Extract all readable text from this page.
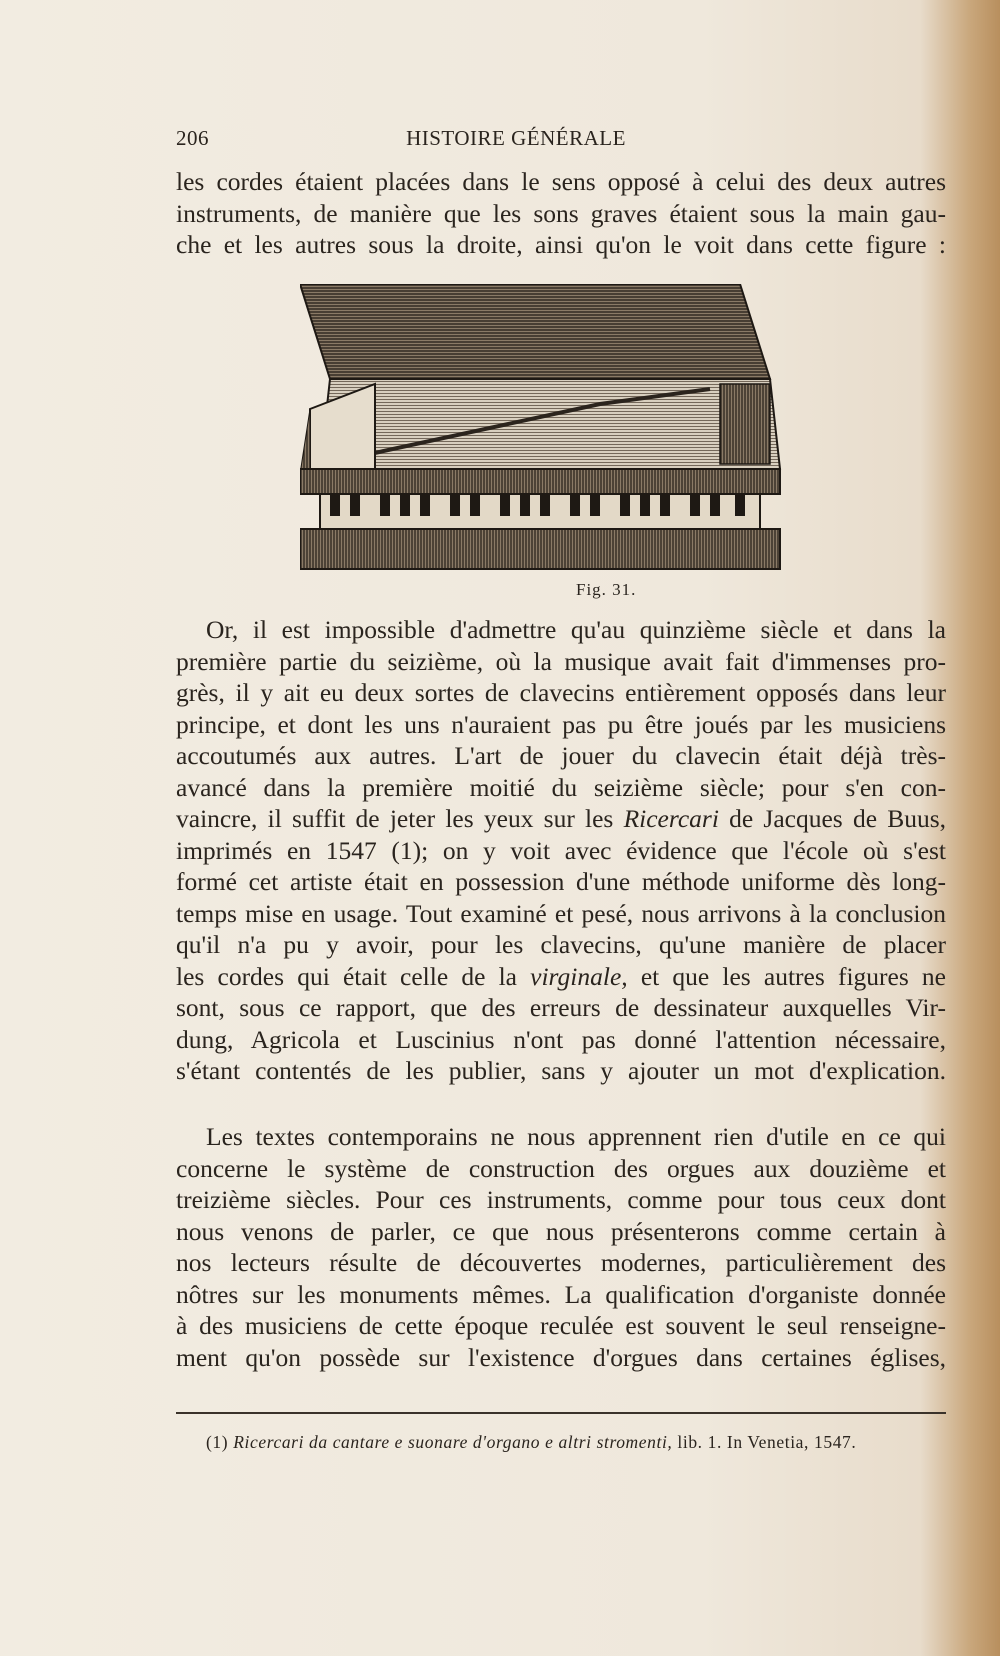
206	HISTOIRE GÉNÉRALE
les cordes étaient placées dans le sens opposé à celui des deux autres
instruments, de manière que les sons graves étaient sous la main gau-
che et les autres sous la droite, ainsi qu'on le voit dans cette figure :
Fig. 31.
Or, il est impossible d'admettre qu'au quinzième siècle et dans la
première partie du seizième, où la musique avait fait d'immenses pro-
grès, il y ait eu deux sortes de clavecins entièrement opposés dans leur
principe, et dont les uns n'auraient pas pu être joués par les musiciens
accoutumés aux autres. L'art de jouer du clavecin était déjà très-
avancé dans la première moitié du seizième siècle; pour s'en con-
vaincre, il suffit de jeter les yeux sur les Ricercari de Jacques de Buus,
imprimés en 1547 (1); on y voit avec évidence que l'école où s'est
formé cet artiste était en possession d'une méthode uniforme dès long-
temps mise en usage. Tout examiné et pesé, nous arrivons à la conclusion
qu'il n'a pu y avoir, pour les clavecins, qu'une manière de placer
les cordes qui était celle de la virginale, et que les autres figures ne
sont, sous ce rapport, que des erreurs de dessinateur auxquelles Vir-
dung, Agricola et Luscinius n'ont pas donné l'attention nécessaire,
s'étant contentés de les publier, sans y ajouter un mot d'explication.
Les textes contemporains ne nous apprennent rien d'utile en ce qui
concerne le système de construction des orgues aux douzième et
treizième siècles. Pour ces instruments, comme pour tous ceux dont
nous venons de parler, ce que nous présenterons comme certain à
nos lecteurs résulte de découvertes modernes, particulièrement des
nôtres sur les monuments mêmes. La qualification d'organiste donnée
à des musiciens de cette époque reculée est souvent le seul renseigne-
ment qu'on possède sur l'existence d'orgues dans certaines églises,
(1) Ricercari da cantare e suonare d'organo e altri stromenti, lib. 1. In Venetia, 1547.
